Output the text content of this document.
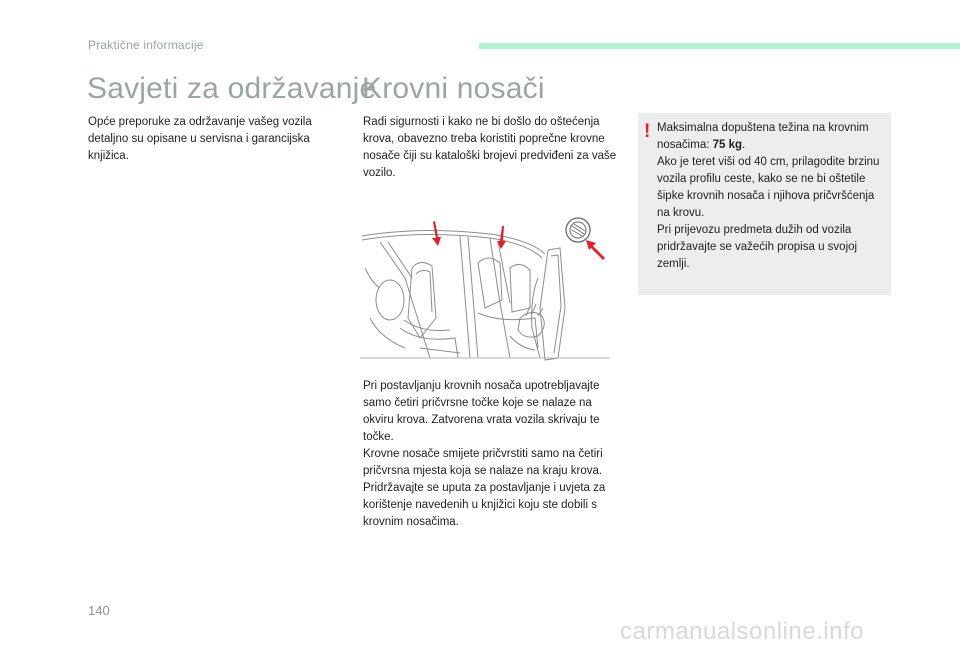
Praktične informacije
Savjeti za održavanje
Krovni nosači

Opće preporuke za održavanje vašeg vozila detaljno su opisane u servisna i garancijska knjižica.

Radi sigurnosti i kako ne bi došlo do oštećenja krova, obavezno treba koristiti poprečne krovne nosače čiji su kataloški brojevi predviđeni za vaše vozilo.

Pri postavljanju krovnih nosača upotrebljavajte samo četiri pričvrsne točke koje se nalaze na okviru krova. Zatvorena vrata vozila skrivaju te točke.

Krovne nosače smijete pričvrstiti samo na četiri pričvrsna mjesta koja se nalaze na kraju krova.

Pridržavajte se uputa za postavljanje i uvjeta za korištenje navedenih u knjižici koju ste dobili s krovnim nosačima.

! Maksimalna dopuštena težina na krovnim nosačima: 75 kg.

Ako je teret viši od 40 cm, prilagodite brzinu vozila profilu ceste, kako se ne bi oštetile šipke krovnih nosača i njihova pričvršćenja na krovu.

Pri prijevozu predmeta dužih od vozila pridržavajte se važećih propisa u svojoj zemlji.

140
carmanualsonline.info
